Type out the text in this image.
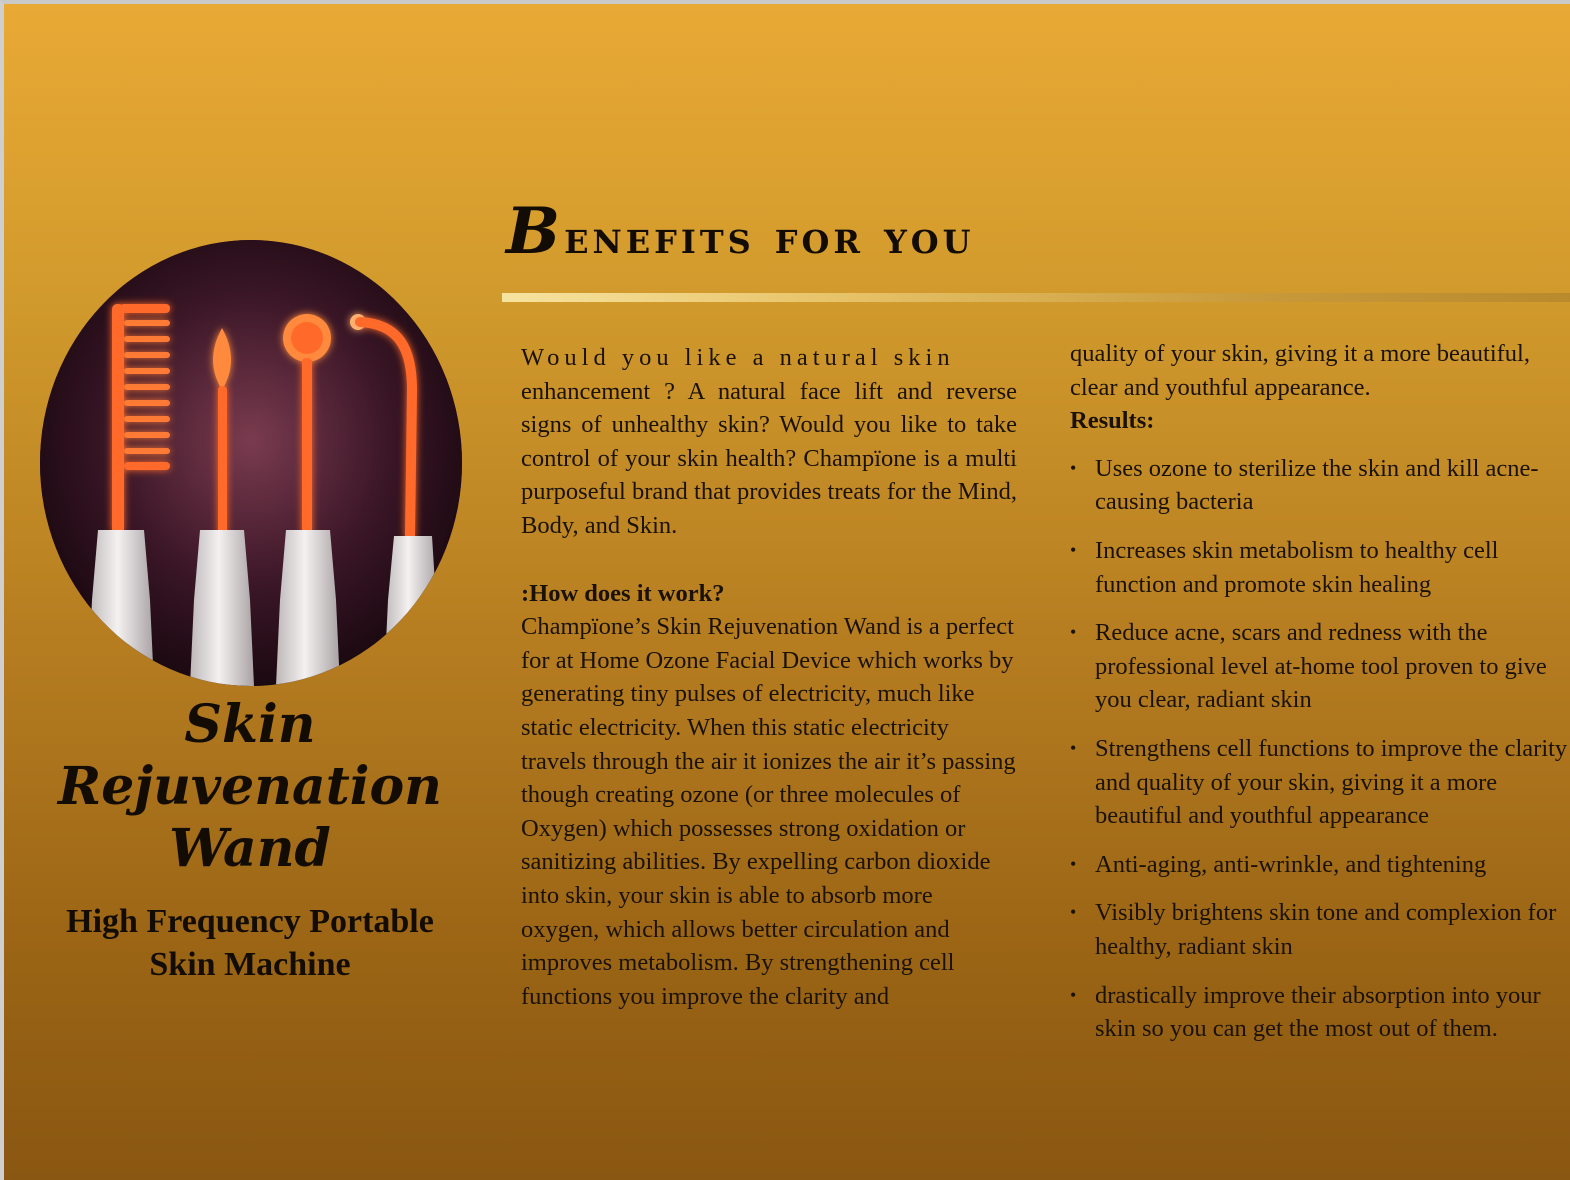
Benefits for you
Skin Rejuvenation
Wand
High Frequency Portable
Skin Machine
Would you like a natural skin
enhancement ? A natural face lift and reverse signs of unhealthy skin? Would you like to take control of your skin health? Champïone is a multi purposeful brand that provides treats for the Mind, Body, and Skin.
:How does it work?
Champïone’s Skin Rejuvenation Wand is a perfect for at Home Ozone Facial Device which works by generating tiny pulses of electricity, much like static electricity. When this static electricity travels through the air it ionizes the air it’s passing though creating ozone (or three molecules of Oxygen) which possesses strong oxidation or sanitizing abilities. By expelling carbon dioxide into skin, your skin is able to absorb more oxygen, which allows better circulation and improves metabolism. By strengthening cell functions you improve the clarity and
quality of your skin, giving it a more beautiful, clear and youthful appearance.
Results:
• Uses ozone to sterilize the skin and kill acne-causing bacteria
• Increases skin metabolism to healthy cell function and promote skin healing
• Reduce acne, scars and redness with the professional level at-home tool proven to give you clear, radiant skin
• Strengthens cell functions to improve the clarity and quality of your skin, giving it a more beautiful and youthful appearance
• Anti-aging, anti-wrinkle, and tightening
• Visibly brightens skin tone and complexion for healthy, radiant skin
• drastically improve their absorption into your skin so you can get the most out of them.
